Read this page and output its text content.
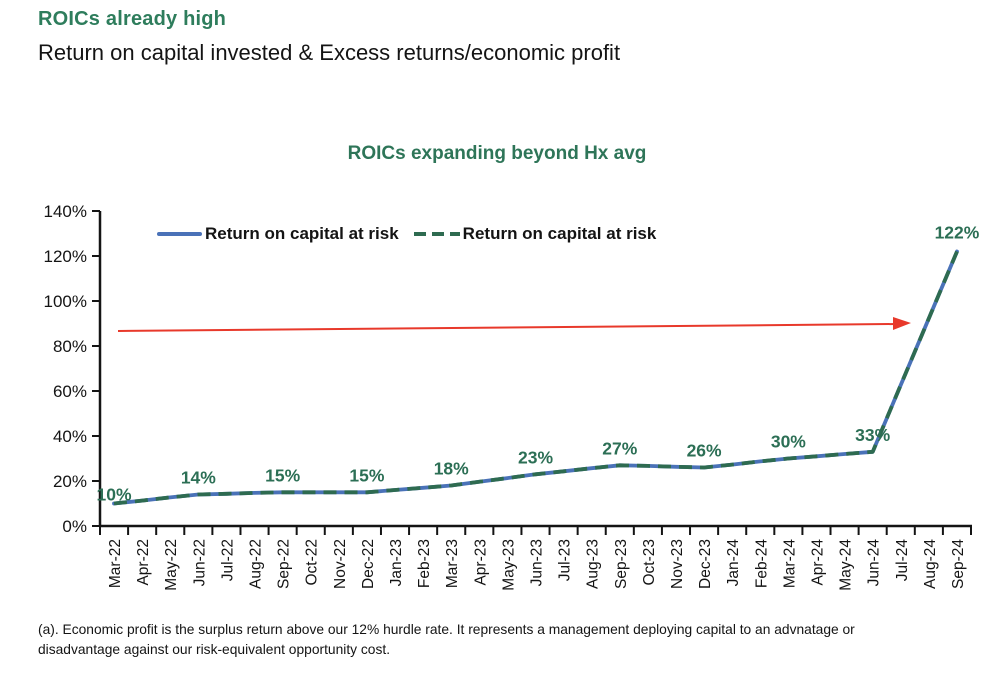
ROICs already high
Return on capital invested & Excess returns/economic profit
ROICs expanding beyond Hx avg
0%
20%
40%
60%
80%
100%
120%
140%
Mar-22 Apr-22 May-22 Jun-22 Jul-22 Aug-22 Sep-22 Oct-22 Nov-22 Dec-22 Jan-23 Feb-23 Mar-23 Apr-23 May-23 Jun-23 Jul-23 Aug-23 Sep-23 Oct-23 Nov-23 Dec-23 Jan-24 Feb-24 Mar-24 Apr-24 May-24 Jun-24 Jul-24 Aug-24 Sep-24
10%
14%	15%	15%	18%
23%	27%	26%	30%	33%
122%
Return on capital at risk	Return on capital at risk
(a). Economic profit is the surplus return above our 12% hurdle rate. It represents a management deploying capital to an advnatage or disadvantage against our risk-equivalent opportunity cost.
